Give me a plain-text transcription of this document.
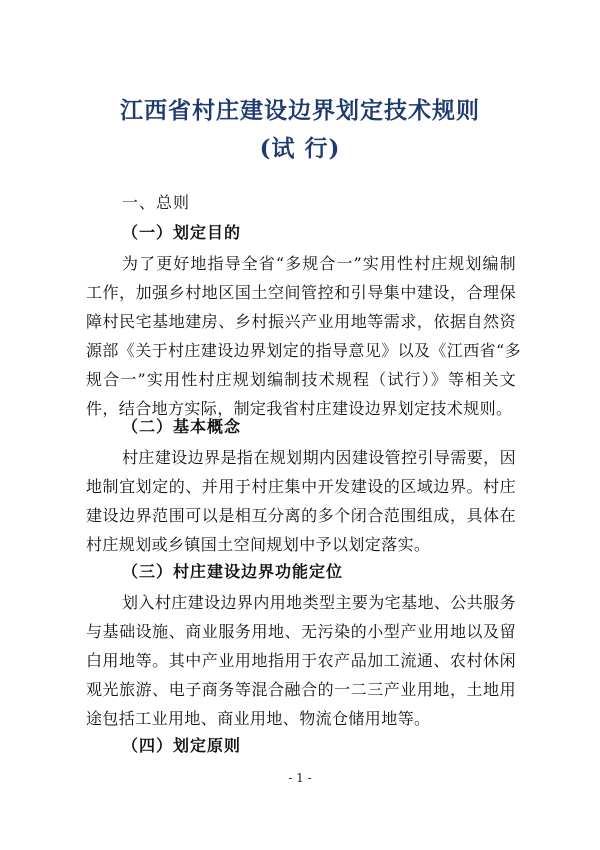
江西省村庄建设边界划定技术规则
(试 行)
一、总则
（一）划定目的
为了更好地指导全省“多规合一”实用性村庄规划编制
工作，加强乡村地区国土空间管控和引导集中建设，合理保
障村民宅基地建房、乡村振兴产业用地等需求，依据自然资
源部《关于村庄建设边界划定的指导意见》以及《江西省“多
规合一”实用性村庄规划编制技术规程（试行）》等相关文
件，结合地方实际，制定我省村庄建设边界划定技术规则。
（二）基本概念
村庄建设边界是指在规划期内因建设管控引导需要，因
地制宜划定的、并用于村庄集中开发建设的区域边界。村庄
建设边界范围可以是相互分离的多个闭合范围组成，具体在
村庄规划或乡镇国土空间规划中予以划定落实。
（三）村庄建设边界功能定位
划入村庄建设边界内用地类型主要为宅基地、公共服务
与基础设施、商业服务用地、无污染的小型产业用地以及留
白用地等。其中产业用地指用于农产品加工流通、农村休闲
观光旅游、电子商务等混合融合的一二三产业用地，土地用
途包括工业用地、商业用地、物流仓储用地等。
（四）划定原则
- 1 -
